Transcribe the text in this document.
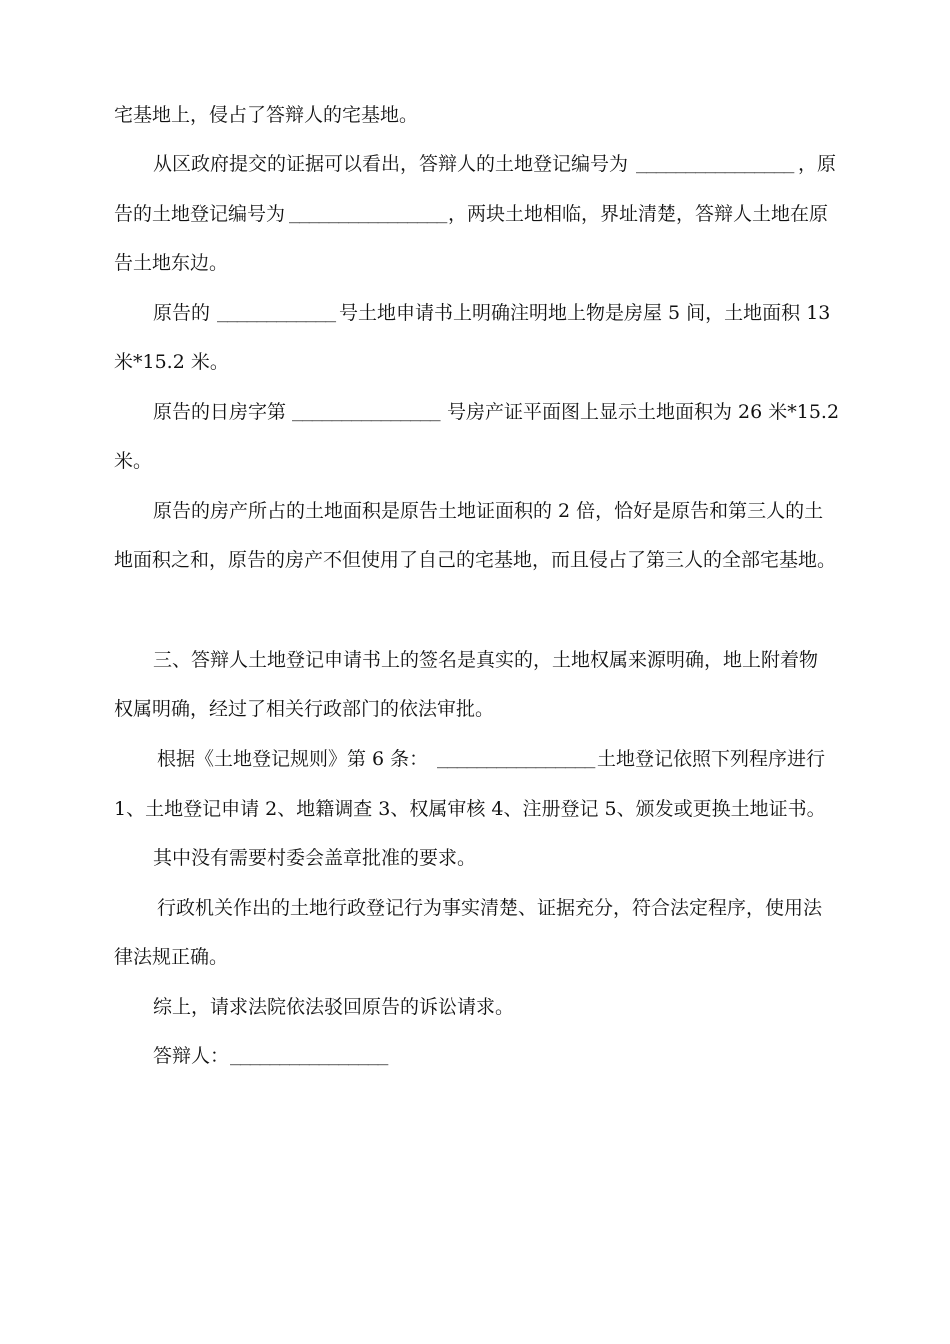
宅基地上，侵占了答辩人的宅基地。
从区政府提交的证据可以看出，答辩人的土地登记编号为 ________________ ，原
告的土地登记编号为 ________________ ，两块土地相临，界址清楚，答辩人土地在原
告土地东边。
原告的 ____________ 号土地申请书上明确注明地上物是房屋 5 间，土地面积 13
米*15.2 米。
原告的日房字第 _______________ 号房产证平面图上显示土地面积为 26 米*15.2
米。
原告的房产所占的土地面积是原告土地证面积的 2 倍，恰好是原告和第三人的土
地面积之和，原告的房产不但使用了自己的宅基地，而且侵占了第三人的全部宅基地。
三、答辩人土地登记申请书上的签名是真实的，土地权属来源明确，地上附着物
权属明确，经过了相关行政部门的依法审批。
根据《土地登记规则》第 6 条： ________________ 土地登记依照下列程序进行
1、土地登记申请 2、地籍调查 3、权属审核 4、注册登记 5、颁发或更换土地证书。
其中没有需要村委会盖章批准的要求。
行政机关作出的土地行政登记行为事实清楚、证据充分，符合法定程序，使用法
律法规正确。
综上，请求法院依法驳回原告的诉讼请求。
答辩人： ________________
